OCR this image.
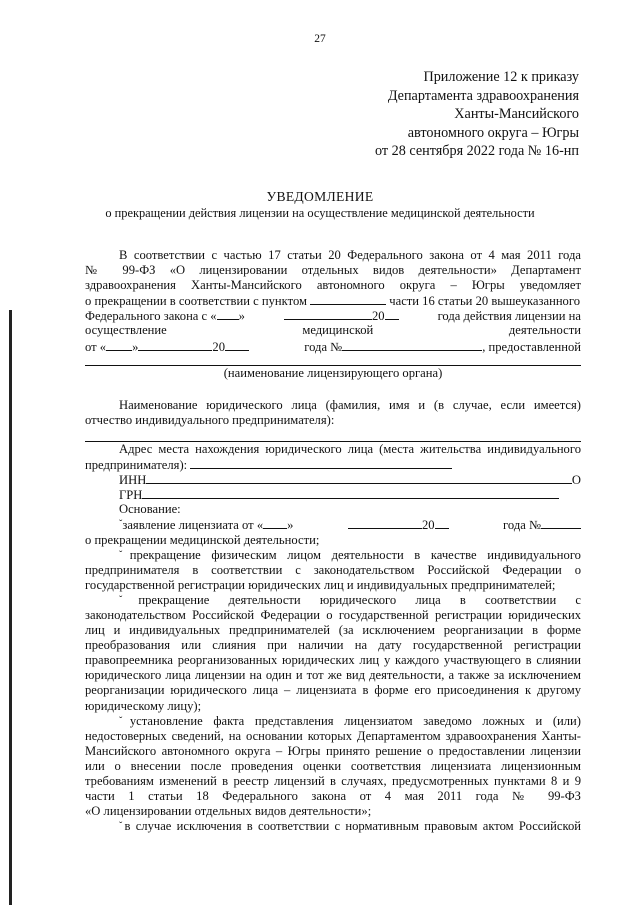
27
Приложение 12 к приказу
Департамента здравоохранения
Ханты-Мансийского
автономного округа – Югры
от 28 сентября 2022 года № 16-нп
УВЕДОМЛЕНИЕ
о прекращении действия лицензии на осуществление медицинской деятельности
В соответствии с частью 17 статьи 20 Федерального закона от 4 мая 2011 года
№ 99-ФЗ «О лицензировании отдельных видов деятельности» Департамент
здравоохранения Ханты-Мансийского автономного округа – Югры уведомляет
о прекращении в соответствии с пунктом

	части 16 статьи 20 вышеуказанного
Федерального закона с « »	20	года действия лицензии на
осуществление	медицинской	деятельности
от « »	20	года №	, предоставленной
(наименование лицензирующего органа)
Наименование юридического лица (фамилия, имя и (в случае, если имеется)
отчество индивидуального предпринимателя):
Адрес места нахождения юридического лица (места жительства индивидуального
предпринимателя):

ИНН	О
ГРН
Основание:
$^ˇ$заявление лицензиата от « »	20	года №
о прекращении медицинской деятельности;
$^ˇ$прекращение физическим лицом деятельности в качестве индивидуального
предпринимателя в соответствии с законодательством Российской Федерации о
государственной регистрации юридических лиц и индивидуальных предпринимателей;
$^ˇ$прекращение деятельности юридического лица в соответствии с
законодательством Российской Федерации о государственной регистрации юридических
лиц и индивидуальных предпринимателей (за исключением реорганизации в форме
преобразования или слияния при наличии на дату государственной регистрации
правопреемника реорганизованных юридических лиц у каждого участвующего в слиянии
юридического лица лицензии на один и тот же вид деятельности, а также за исключением
реорганизации юридического лица – лицензиата в форме его присоединения к другому
юридическому лицу);
$^ˇ$установление факта представления лицензиатом заведомо ложных и (или)
недостоверных сведений, на основании которых Департаментом здравоохранения Ханты-
Мансийского автономного округа – Югры принято решение о предоставлении лицензии
или о внесении после проведения оценки соответствия лицензиата лицензионным
требованиям изменений в реестр лицензий в случаях, предусмотренных пунктами 8 и 9
части 1 статьи 18 Федерального закона от 4 мая 2011 года № 99-ФЗ
«О лицензировании отдельных видов деятельности»;
$^ˇ$в случае исключения в соответствии с нормативным правовым актом Российской
